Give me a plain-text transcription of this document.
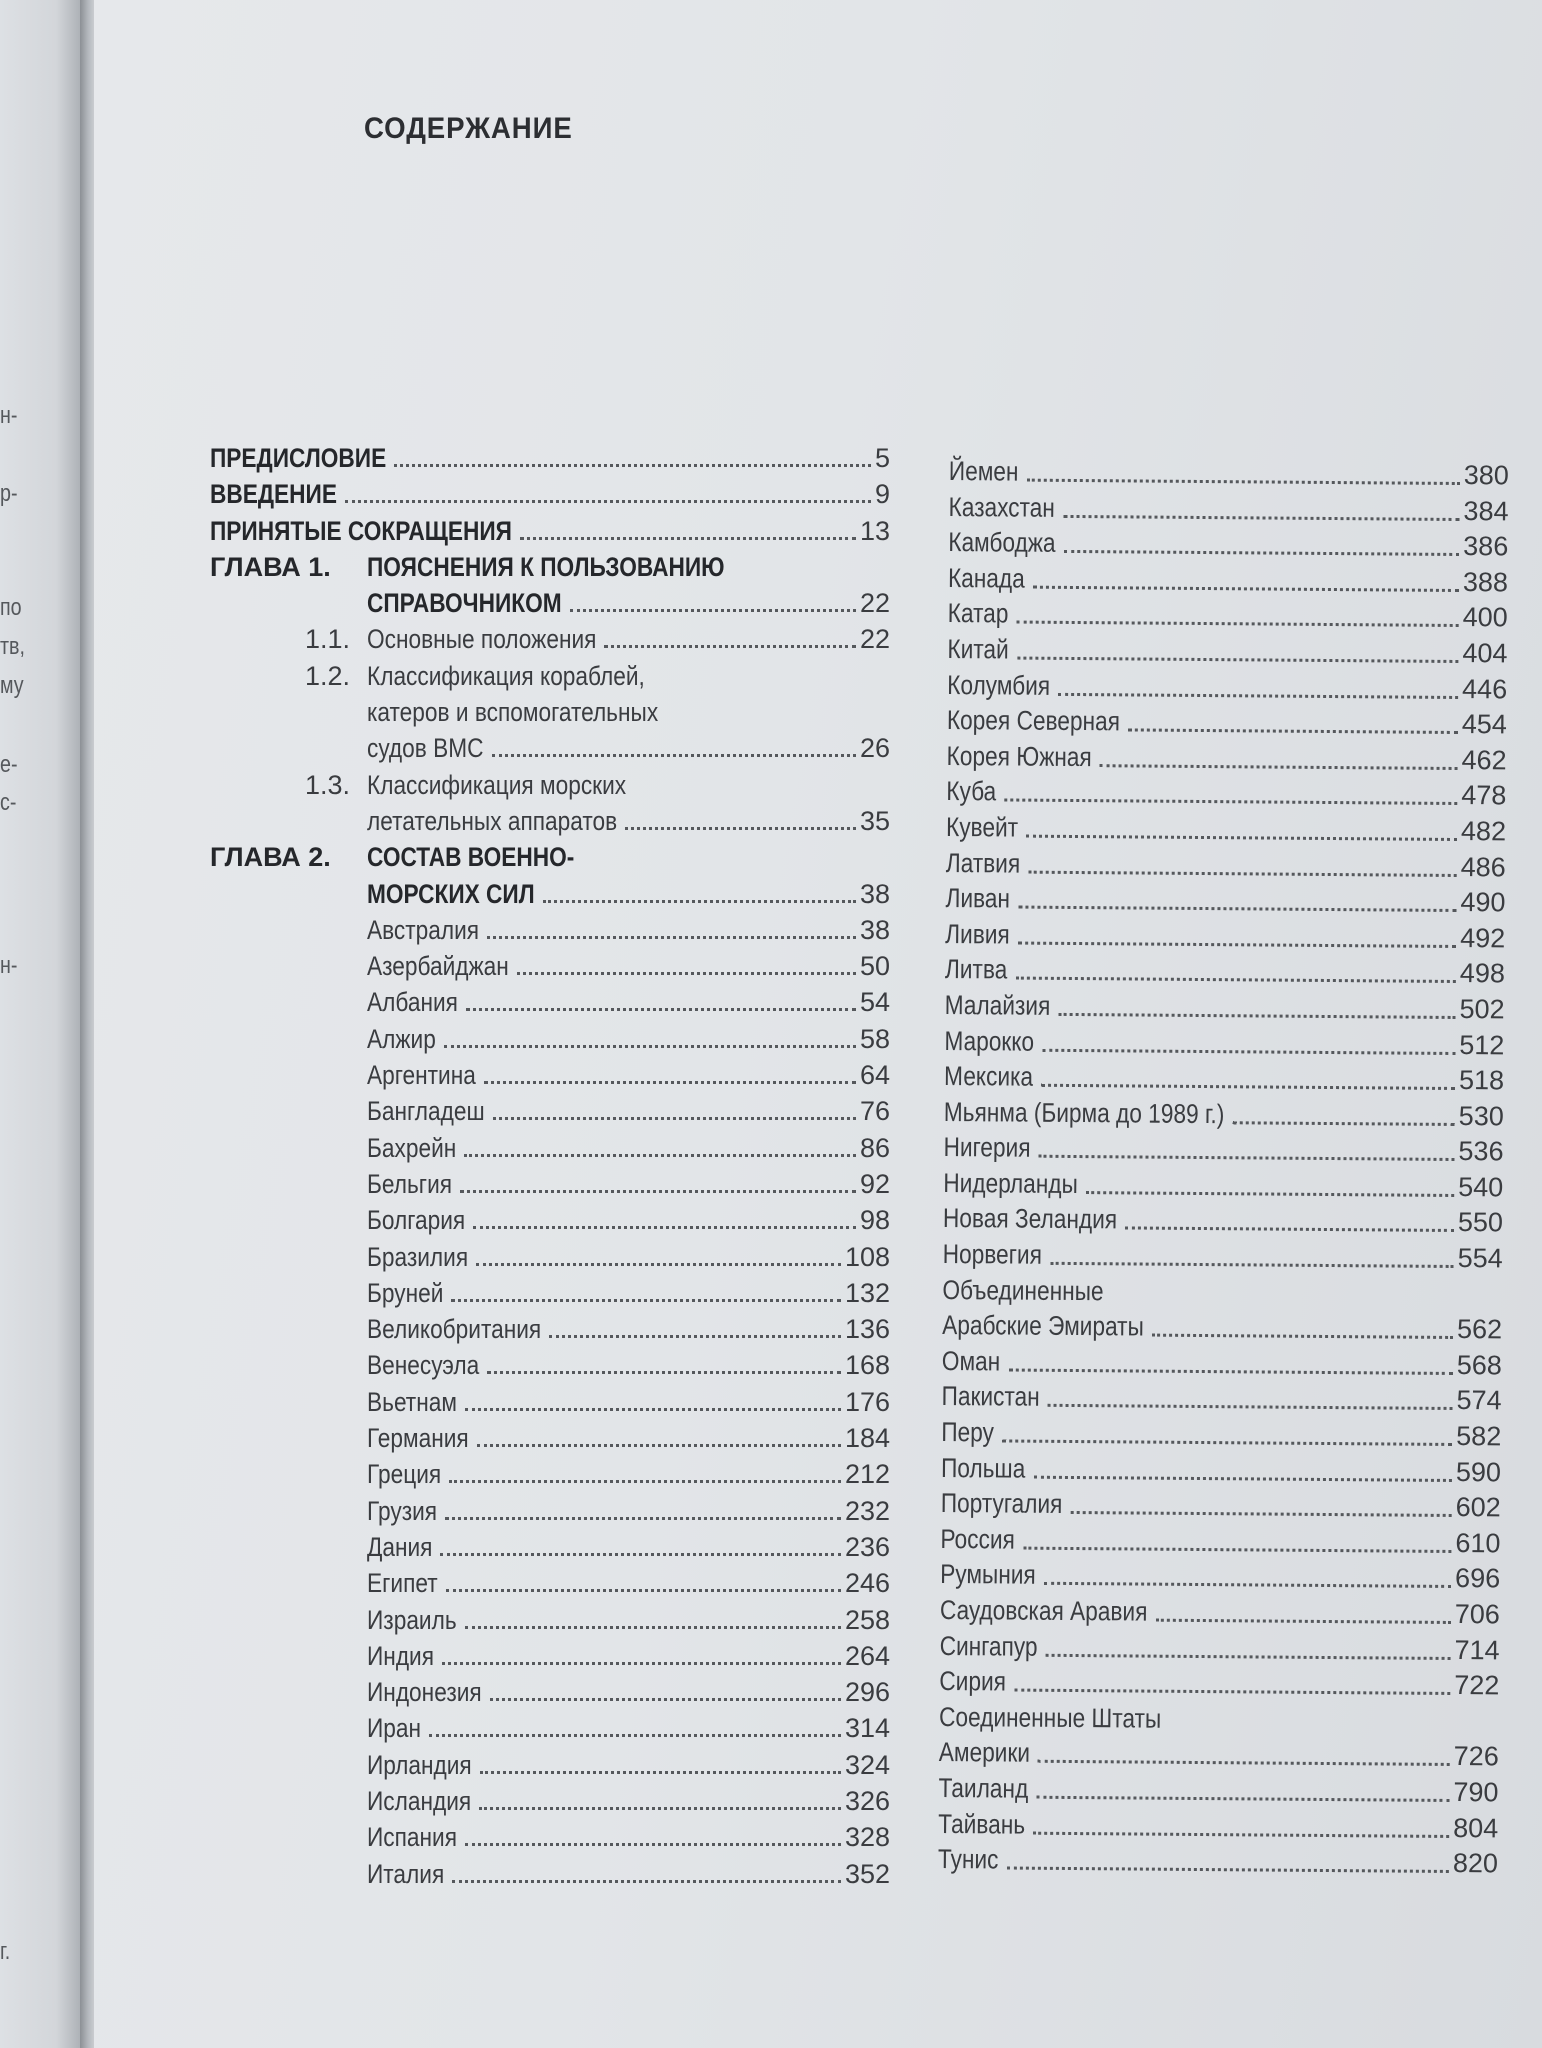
н-
р-
по
тв,
му
е-
с-
н-
г.
СОДЕРЖАНИЕ
ПРЕДИСЛОВИЕ	5
ВВЕДЕНИЕ	9
ПРИНЯТЫЕ СОКРАЩЕНИЯ	13
ГЛАВА 1. ПОЯСНЕНИЯ К ПОЛЬЗОВАНИЮ
СПРАВОЧНИКОМ	22
1.1. Основные положения	22
1.2. Классификация кораблей,
катеров и вспомогательных
судов ВМС	26
1.3. Классификация морских
летательных аппаратов	35
ГЛАВА 2. СОСТАВ ВОЕННО-
МОРСКИХ СИЛ	38
Австралия	38
Азербайджан	50
Албания	54
Алжир	58
Аргентина	64
Бангладеш	76
Бахрейн	86
Бельгия	92
Болгария	98
Бразилия	108
Бруней	132
Великобритания	136
Венесуэла	168
Вьетнам	176
Германия	184
Греция	212
Грузия	232
Дания	236
Египет	246
Израиль	258
Индия	264
Индонезия	296
Иран	314
Ирландия	324
Исландия	326
Испания	328
Италия	352
Йемен	380
Казахстан	384
Камбоджа	386
Канада	388
Катар	400
Китай	404
Колумбия	446
Корея Северная	454
Корея Южная	462
Куба	478
Кувейт	482
Латвия	486
Ливан	490
Ливия	492
Литва	498
Малайзия	502
Марокко	512
Мексика	518
Мьянма (Бирма до 1989 г.)	530
Нигерия	536
Нидерланды	540
Новая Зеландия	550
Норвегия	554
Объединенные
Арабские Эмираты	562
Оман	568
Пакистан	574
Перу	582
Польша	590
Португалия	602
Россия	610
Румыния	696
Саудовская Аравия	706
Сингапур	714
Сирия	722
Соединенные Штаты
Америки	726
Таиланд	790
Тайвань	804
Тунис	820
